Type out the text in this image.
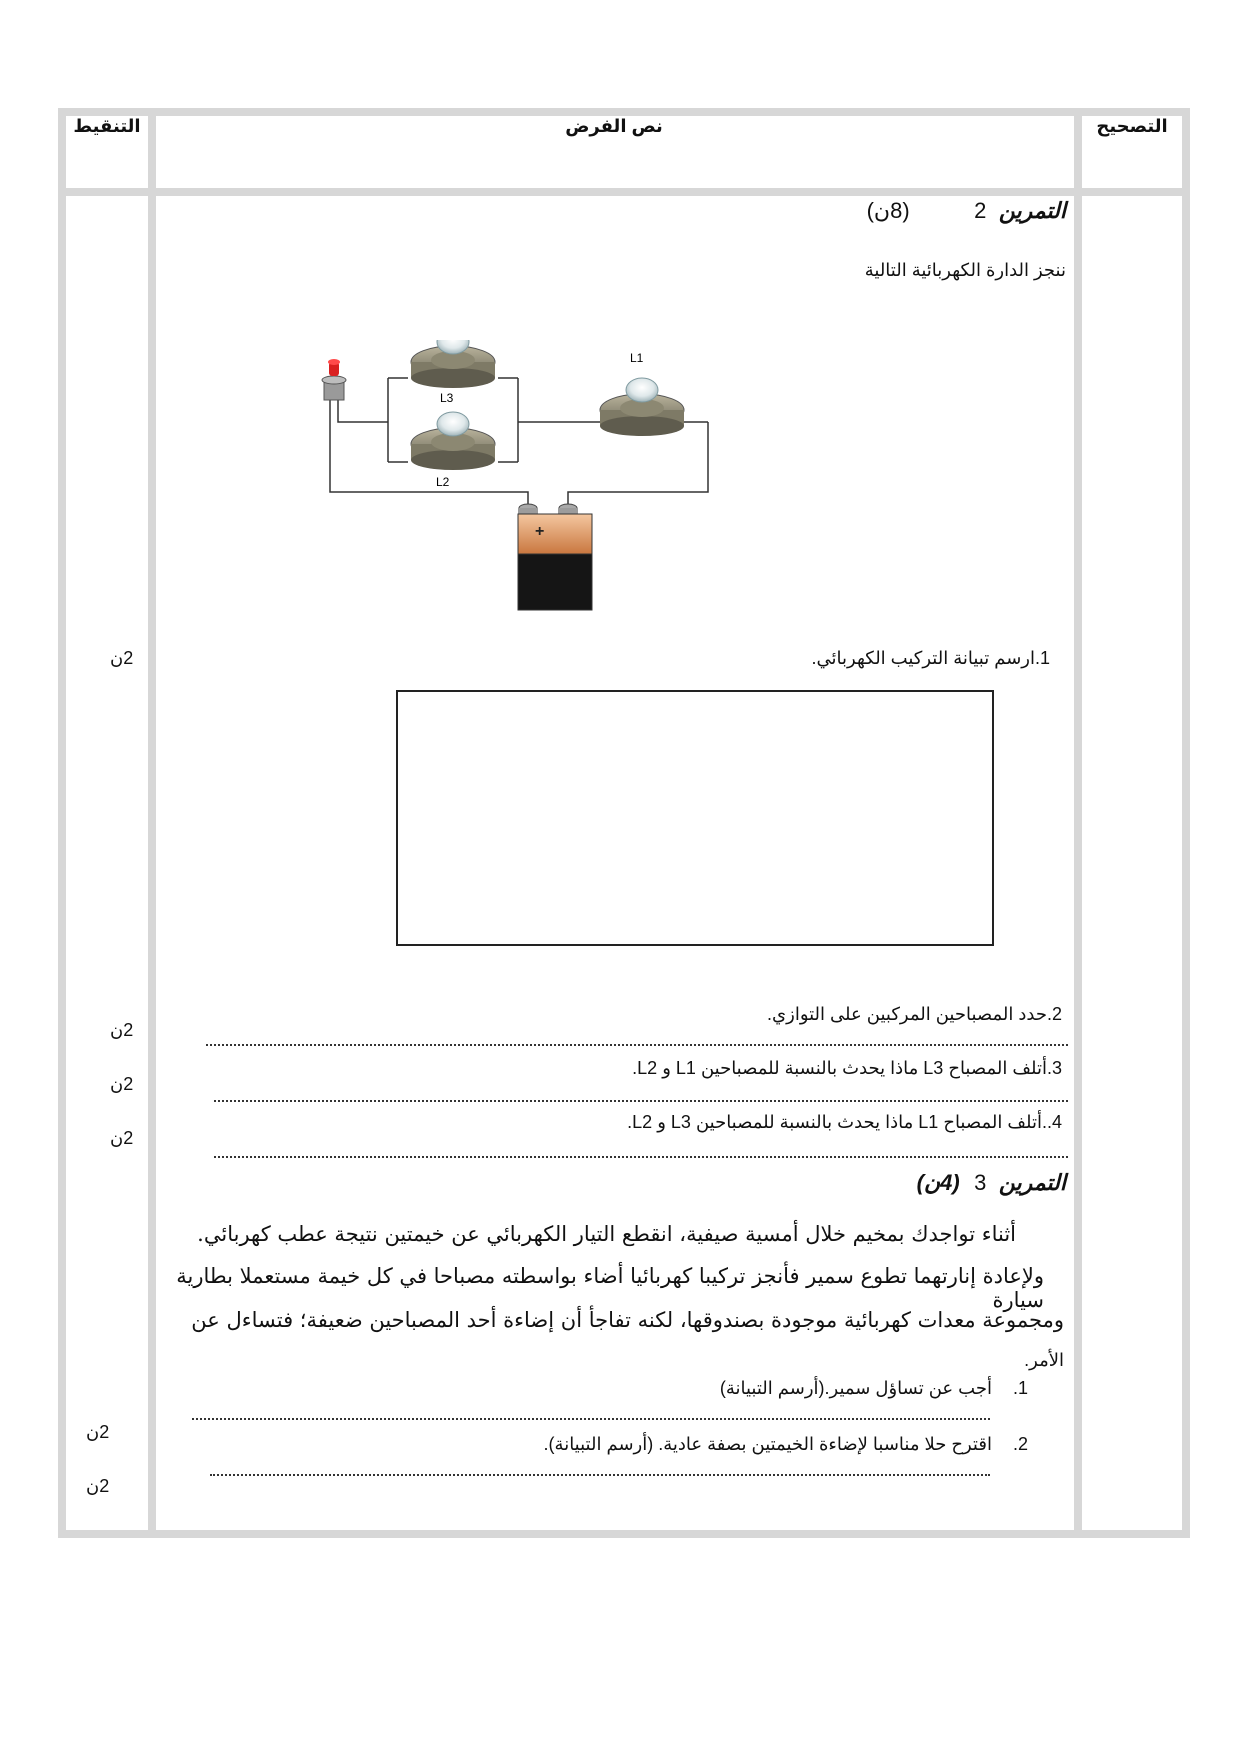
التنقيط	نص الفرض	التصحيح
التمرين 2 (8ن)
ننجز الدارة الكهربائية التالية
L3
L2
L1
+
1.ارسم تبيانة التركيب الكهربائي.
2.حدد المصباحين المركبين على التوازي.
3.أتلف المصباح L3 ماذا يحدث بالنسبة للمصباحين L1 و L2.
4..أتلف المصباح L1 ماذا يحدث بالنسبة للمصباحين L3 و L2.
التمرين 3 (4ن)
أثناء تواجدك بمخيم خلال أمسية صيفية، انقطع التيار الكهربائي عن خيمتين نتيجة عطب كهربائي.
ولإعادة إنارتهما تطوع سمير فأنجز تركيبا كهربائيا أضاء بواسطته مصباحا في كل خيمة مستعملا بطارية سيارة
ومجموعة معدات كهربائية موجودة بصندوقها، لكنه تفاجأ أن إضاءة أحد المصباحين ضعيفة؛ فتساءل عن
الأمر.
1. أجب عن تساؤل سمير.(أرسم التبيانة)
2. اقترح حلا مناسبا لإضاءة الخيمتين بصفة عادية. (أرسم التبيانة).
2ن
2ن
2ن
2ن
2ن
2ن
